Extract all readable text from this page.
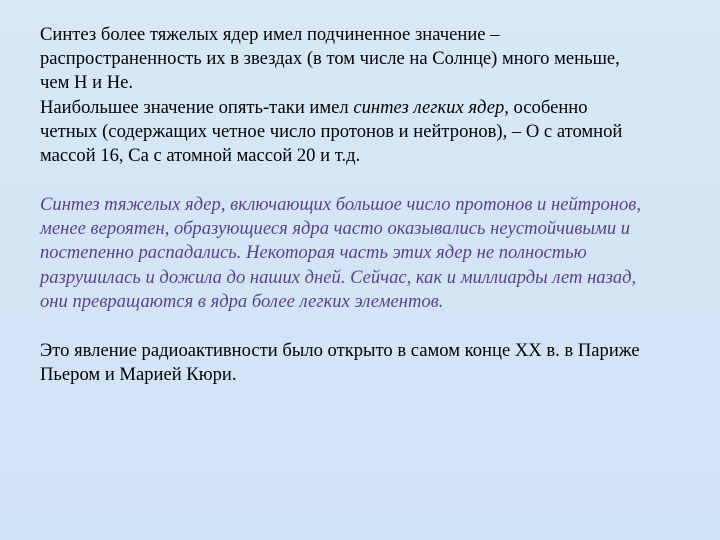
Синтез более тяжелых ядер имел подчиненное значение –
распространенность их в звездах (в том числе на Солнце) много меньше,
чем H и He.
Наибольшее значение опять-таки имел синтез легких ядер, особенно
четных (содержащих четное число протонов и нейтронов), – O с атомной
массой 16, Ca с атомной массой 20 и т.д.

Синтез тяжелых ядер, включающих большое число протонов и нейтронов,
менее вероятен, образующиеся ядра часто оказывались неустойчивыми и
постепенно распадались. Некоторая часть этих ядер не полностью
разрушилась и дожила до наших дней. Сейчас, как и миллиарды лет назад,
они превращаются в ядра более легких элементов.

Это явление радиоактивности было открыто в самом конце XX в. в Париже
Пьером и Марией Кюри.
